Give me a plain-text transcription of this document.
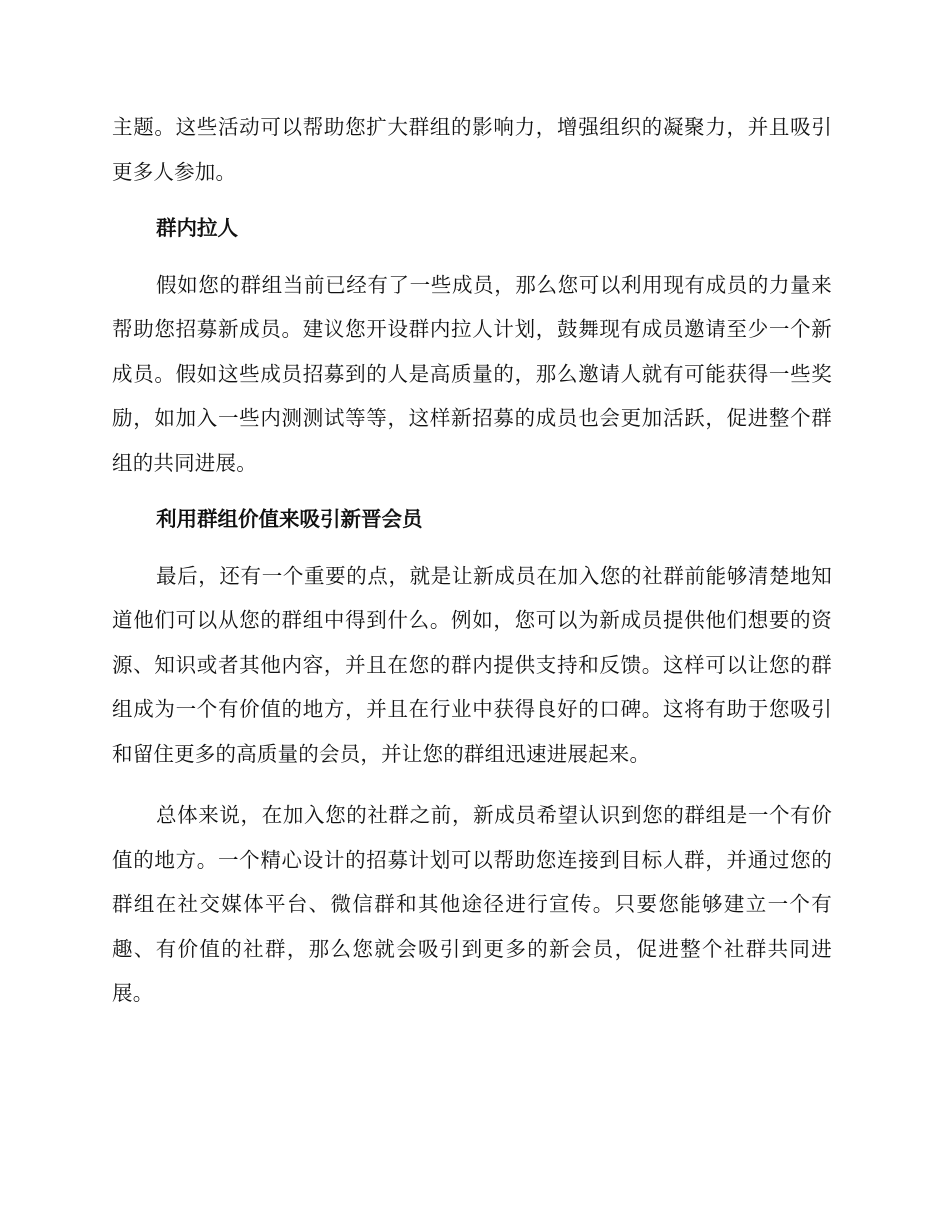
主题。这些活动可以帮助您扩大群组的影响力，增强组织的凝聚力，并且吸引更多人参加。

群内拉人

假如您的群组当前已经有了一些成员，那么您可以利用现有成员的力量来帮助您招募新成员。建议您开设群内拉人计划，鼓舞现有成员邀请至少一个新成员。假如这些成员招募到的人是高质量的，那么邀请人就有可能获得一些奖励，如加入一些内测测试等等，这样新招募的成员也会更加活跃，促进整个群组的共同进展。

利用群组价值来吸引新晋会员

最后，还有一个重要的点，就是让新成员在加入您的社群前能够清楚地知道他们可以从您的群组中得到什么。例如，您可以为新成员提供他们想要的资源、知识或者其他内容，并且在您的群内提供支持和反馈。这样可以让您的群组成为一个有价值的地方，并且在行业中获得良好的口碑。这将有助于您吸引和留住更多的高质量的会员，并让您的群组迅速进展起来。

总体来说，在加入您的社群之前，新成员希望认识到您的群组是一个有价值的地方。一个精心设计的招募计划可以帮助您连接到目标人群，并通过您的群组在社交媒体平台、微信群和其他途径进行宣传。只要您能够建立一个有趣、有价值的社群，那么您就会吸引到更多的新会员，促进整个社群共同进展。
